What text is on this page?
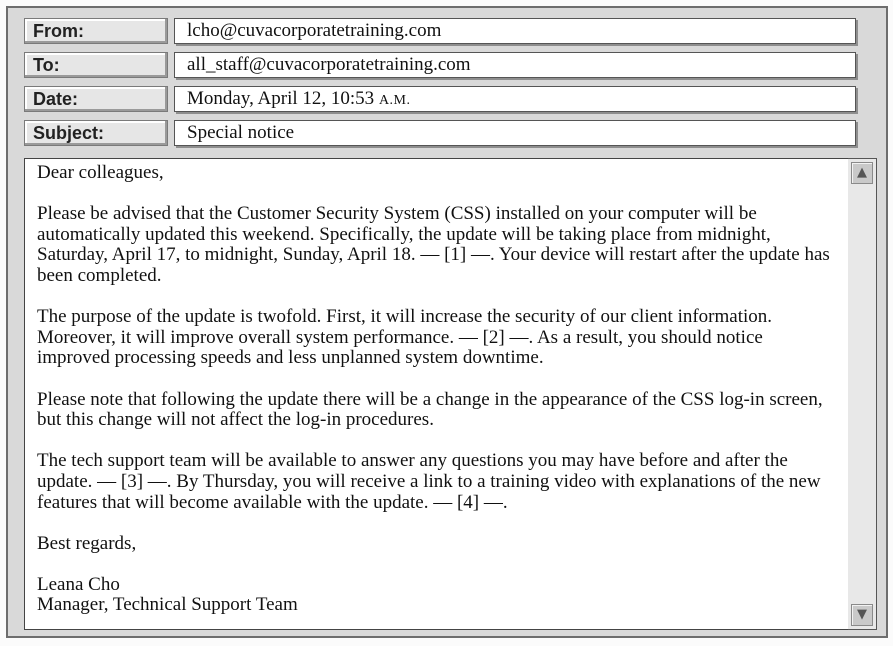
From:	lcho@cuvacorporatetraining.com
To:	all_staff@cuvacorporatetraining.com
Date:	Monday, April 12, 10:53 A.M.
Subject:	Special notice

Dear colleagues,

Please be advised that the Customer Security System (CSS) installed on your computer will be automatically updated this weekend. Specifically, the update will be taking place from midnight, Saturday, April 17, to midnight, Sunday, April 18. — [1] —. Your device will restart after the update has been completed.

The purpose of the update is twofold. First, it will increase the security of our client information. Moreover, it will improve overall system performance. — [2] —. As a result, you should notice improved processing speeds and less unplanned system downtime.

Please note that following the update there will be a change in the appearance of the CSS log-in screen, but this change will not affect the log-in procedures.

The tech support team will be available to answer any questions you may have before and after the update. — [3] —. By Thursday, you will receive a link to a training video with explanations of the new features that will become available with the update. — [4] —.

Best regards,

Leana Cho
Manager, Technical Support Team
▲
▼
